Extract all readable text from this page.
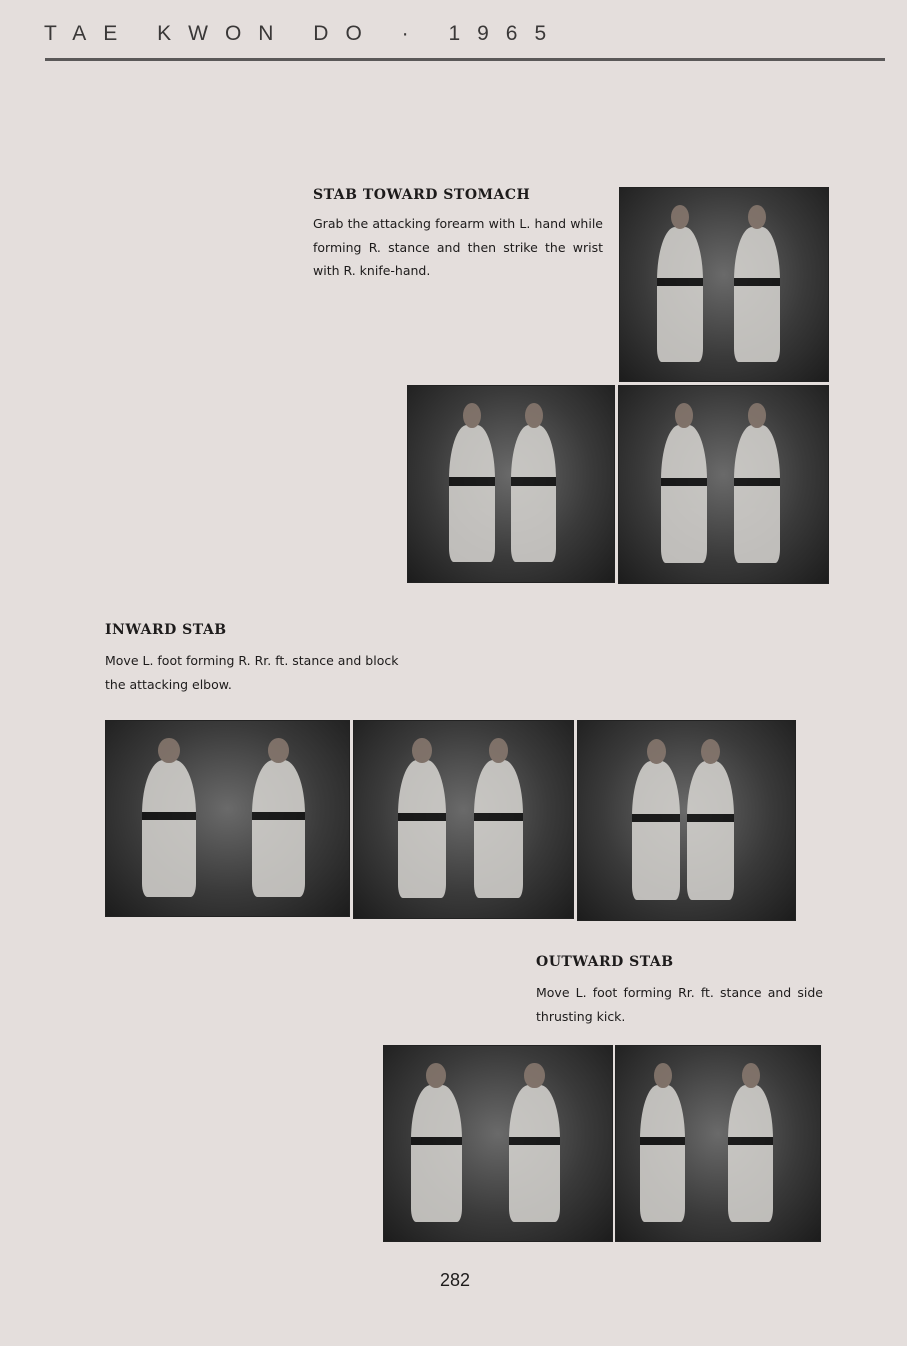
TAE KWON DO · 1965
STAB TOWARD STOMACH
Grab the attacking forearm with L. hand while forming R. stance and then strike the wrist with R. knife-hand.
INWARD STAB
Move L. foot forming R. Rr. ft. stance and block the attacking elbow.
OUTWARD STAB
Move L. foot forming Rr. ft. stance and side thrusting kick.
282
